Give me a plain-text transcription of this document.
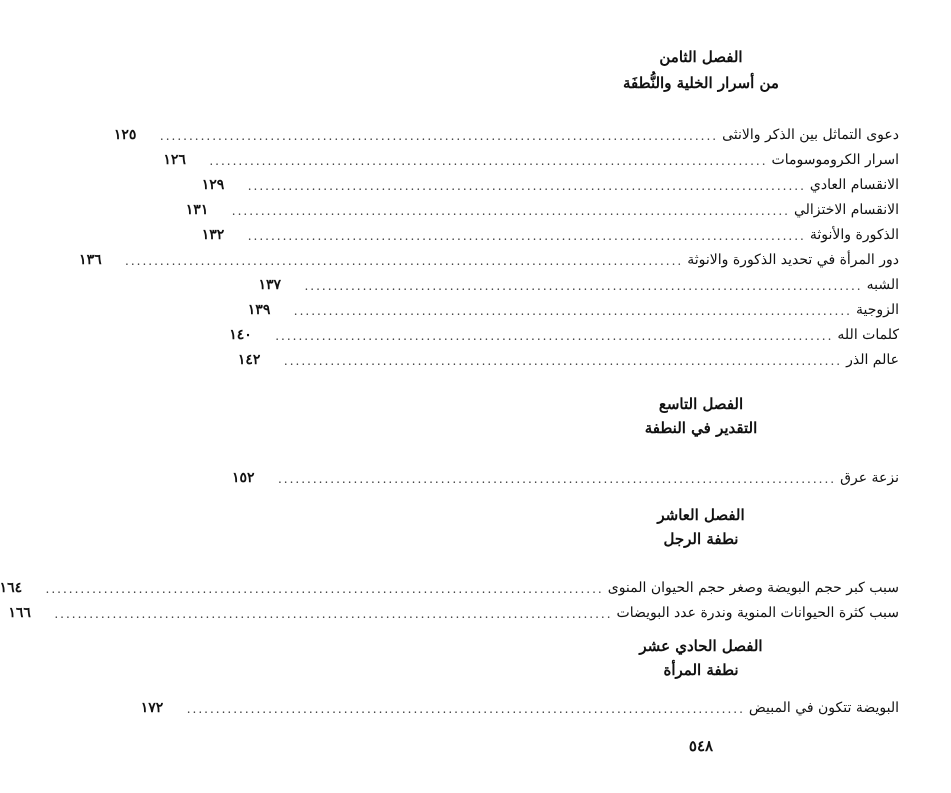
الفصل الثامن
من أسرار الخلية والنُّطفَة
دعوى التماثل بين الذكر والانثى
................................................................................................
١٢٥
اسرار الكروموسومات
................................................................................................
١٢٦
الانقسام العادي
................................................................................................
١٢٩
الانقسام الاختزالي
................................................................................................
١٣١
الذكورة والأنوثة
................................................................................................
١٣٢
دور المرأة في تحديد الذكورة والانوثة
................................................................................................
١٣٦
الشبه
................................................................................................
١٣٧
الزوجية
................................................................................................
١٣٩
كلمات الله
................................................................................................
١٤٠
عالم الذر
................................................................................................
١٤٢
الفصل التاسع
التقدير في النطفة
نزعة عرق
................................................................................................
١٥٢
الفصل العاشر
نطفة الرجل
سبب كبر حجم البويضة وصغر حجم الحيوان المنوى
................................................................................................
١٦٤
سبب كثرة الحيوانات المنوية وندرة عدد البويضات
................................................................................................
١٦٦
الفصل الحادي عشر
نطفة المرأة
البويضة تتكون في المبيض
................................................................................................
١٧٢
٥٤٨
